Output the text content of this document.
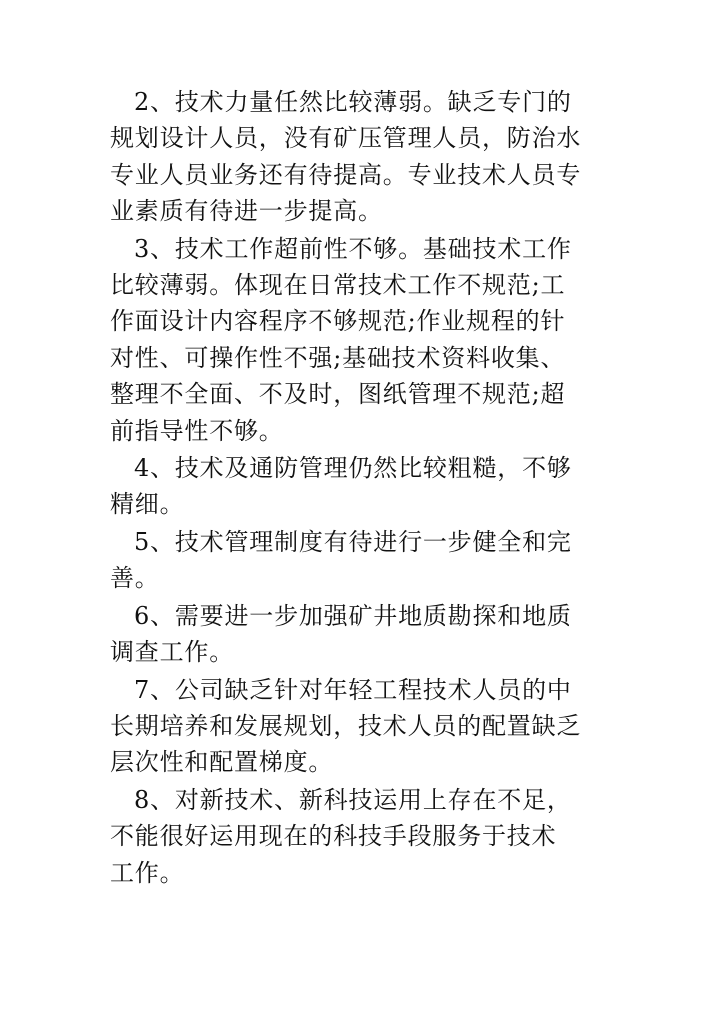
2、技术力量任然比较薄弱。缺乏专门的
规划设计人员，没有矿压管理人员，防治水
专业人员业务还有待提高。专业技术人员专
业素质有待进一步提高。

3、技术工作超前性不够。基础技术工作
比较薄弱。体现在日常技术工作不规范;工
作面设计内容程序不够规范;作业规程的针
对性、可操作性不强;基础技术资料收集、
整理不全面、不及时，图纸管理不规范;超
前指导性不够。

4、技术及通防管理仍然比较粗糙，不够
精细。

5、技术管理制度有待进行一步健全和完
善。

6、需要进一步加强矿井地质勘探和地质
调查工作。

7、公司缺乏针对年轻工程技术人员的中
长期培养和发展规划，技术人员的配置缺乏
层次性和配置梯度。

8、对新技术、新科技运用上存在不足，
不能很好运用现在的科技手段服务于技术
工作。
